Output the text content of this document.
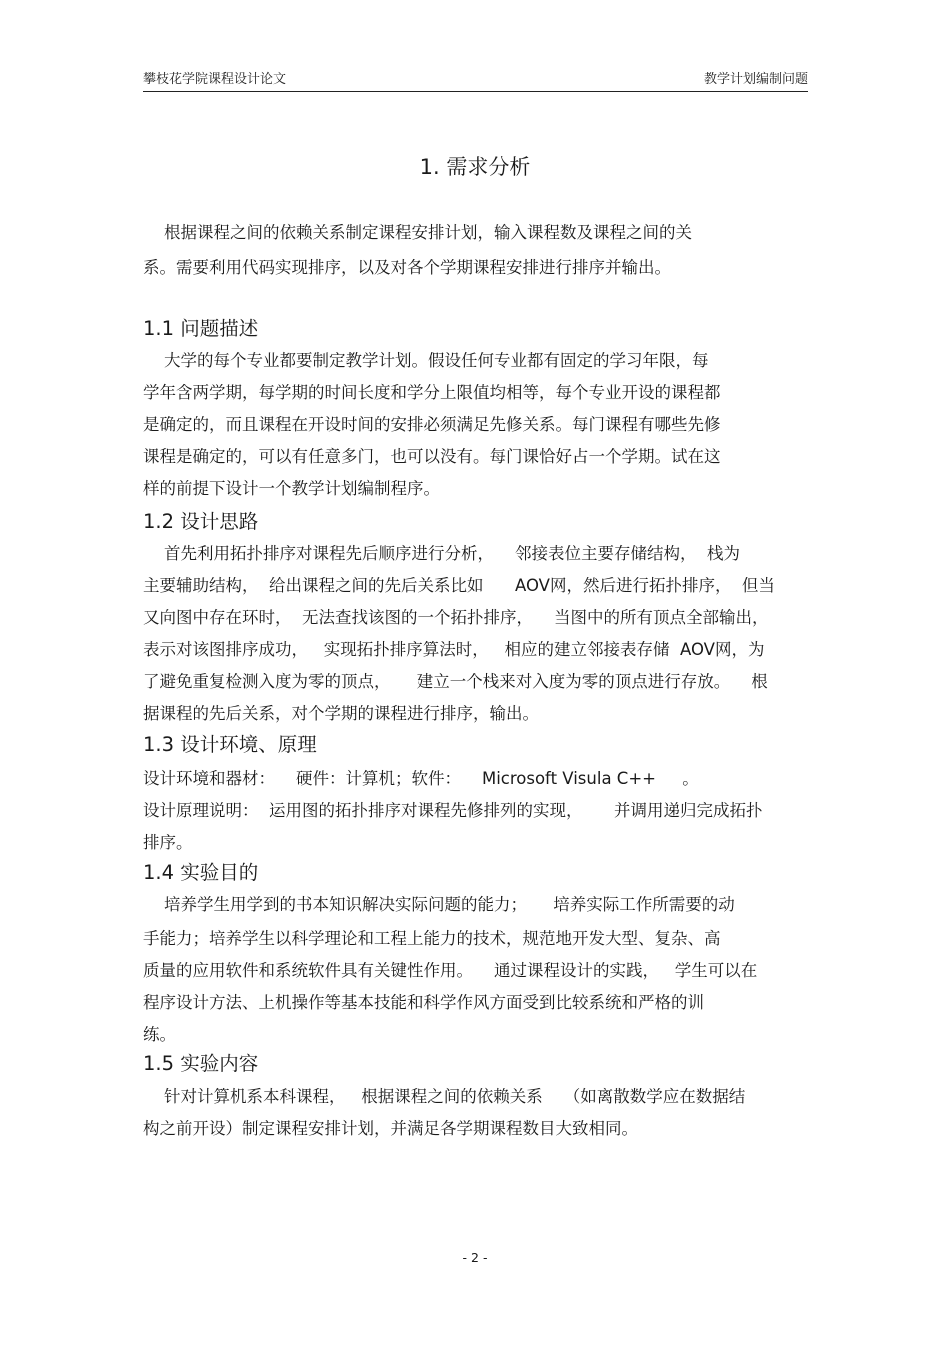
攀枝花学院课程设计论文	教学计划编制问题
1. 需求分析
根据课程之间的依赖关系制定课程安排计划，输入课程数及课程之间的关
系。需要利用代码实现排序，以及对各个学期课程安排进行排序并输出。
1.1 问题描述
大学的每个专业都要制定教学计划。假设任何专业都有固定的学习年限，每
学年含两学期，每学期的时间长度和学分上限值均相等，每个专业开设的课程都
是确定的，而且课程在开设时间的安排必须满足先修关系。每门课程有哪些先修
课程是确定的，可以有任意多门，也可以没有。每门课恰好占一个学期。试在这
样的前提下设计一个教学计划编制程序。
1.2 设计思路
首先利用拓扑排序对课程先后顺序进行分析，    邻接表位主要存储结构，  栈为
主要辅助结构，  给出课程之间的先后关系比如      AOV网，然后进行拓扑排序，  但当
又向图中存在环时，  无法查找该图的一个拓扑排序，    当图中的所有顶点全部输出，
表示对该图排序成功，   实现拓扑排序算法时，   相应的建立邻接表存储  AOV网，为
了避免重复检测入度为零的顶点，     建立一个栈来对入度为零的顶点进行存放。    根
据课程的先后关系，对个学期的课程进行排序，输出。
1.3 设计环境、原理
设计环境和器材：    硬件：计算机；软件：    Microsoft Visula C++     。
设计原理说明：  运用图的拓扑排序对课程先修排列的实现，      并调用递归完成拓扑
排序。
1.4 实验目的
培养学生用学到的书本知识解决实际问题的能力；     培养实际工作所需要的动
手能力；培养学生以科学理论和工程上能力的技术，规范地开发大型、复杂、高
质量的应用软件和系统软件具有关键性作用。    通过课程设计的实践，   学生可以在
程序设计方法、上机操作等基本技能和科学作风方面受到比较系统和严格的训
练。
1.5 实验内容
针对计算机系本科课程，   根据课程之间的依赖关系    （如离散数学应在数据结
构之前开设）制定课程安排计划，并满足各学期课程数目大致相同。
- 2 -
